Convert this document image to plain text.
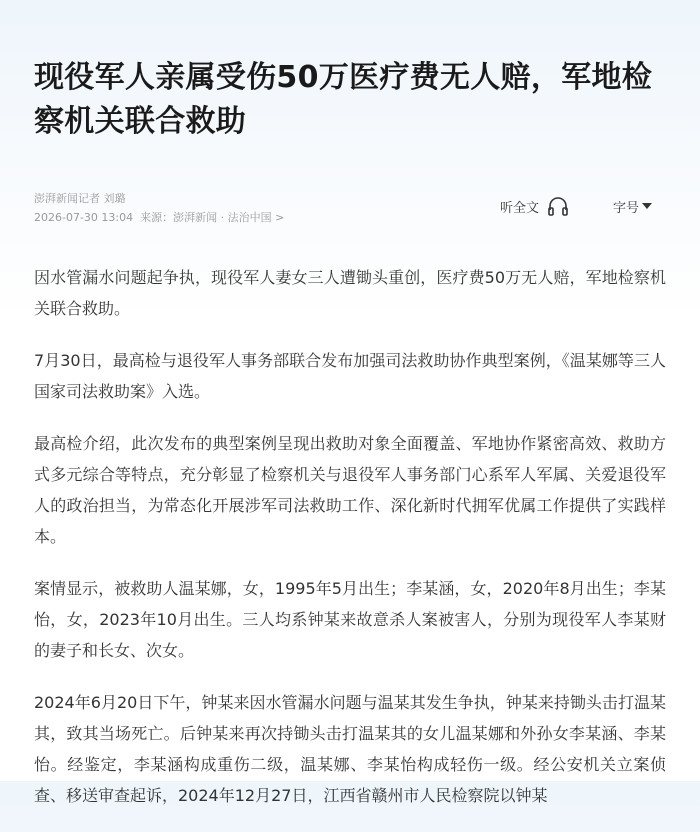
现役军人亲属受伤50万医疗费无人赔，军地检察机关联合救助
澎湃新闻记者 刘璐
2026-07-30 13:04 来源：澎湃新闻 · 法治中国 >
听全文	字号

因水管漏水问题起争执，现役军人妻女三人遭锄头重创，医疗费50万无人赔，军地检察机关联合救助。

7月30日，最高检与退役军人事务部联合发布加强司法救助协作典型案例，《温某娜等三人国家司法救助案》入选。

最高检介绍，此次发布的典型案例呈现出救助对象全面覆盖、军地协作紧密高效、救助方式多元综合等特点，充分彰显了检察机关与退役军人事务部门心系军人军属、关爱退役军人的政治担当，为常态化开展涉军司法救助工作、深化新时代拥军优属工作提供了实践样本。

案情显示，被救助人温某娜，女，1995年5月出生；李某涵，女，2020年8月出生；李某怡，女，2023年10月出生。三人均系钟某来故意杀人案被害人，分别为现役军人李某财的妻子和长女、次女。

2024年6月20日下午，钟某来因水管漏水问题与温某其发生争执，钟某来持锄头击打温某其，致其当场死亡。后钟某来再次持锄头击打温某其的女儿温某娜和外孙女李某涵、李某怡。经鉴定，李某涵构成重伤二级，温某娜、李某怡构成轻伤一级。经公安机关立案侦查、移送审查起诉，2024年12月27日，江西省赣州市人民检察院以钟某
